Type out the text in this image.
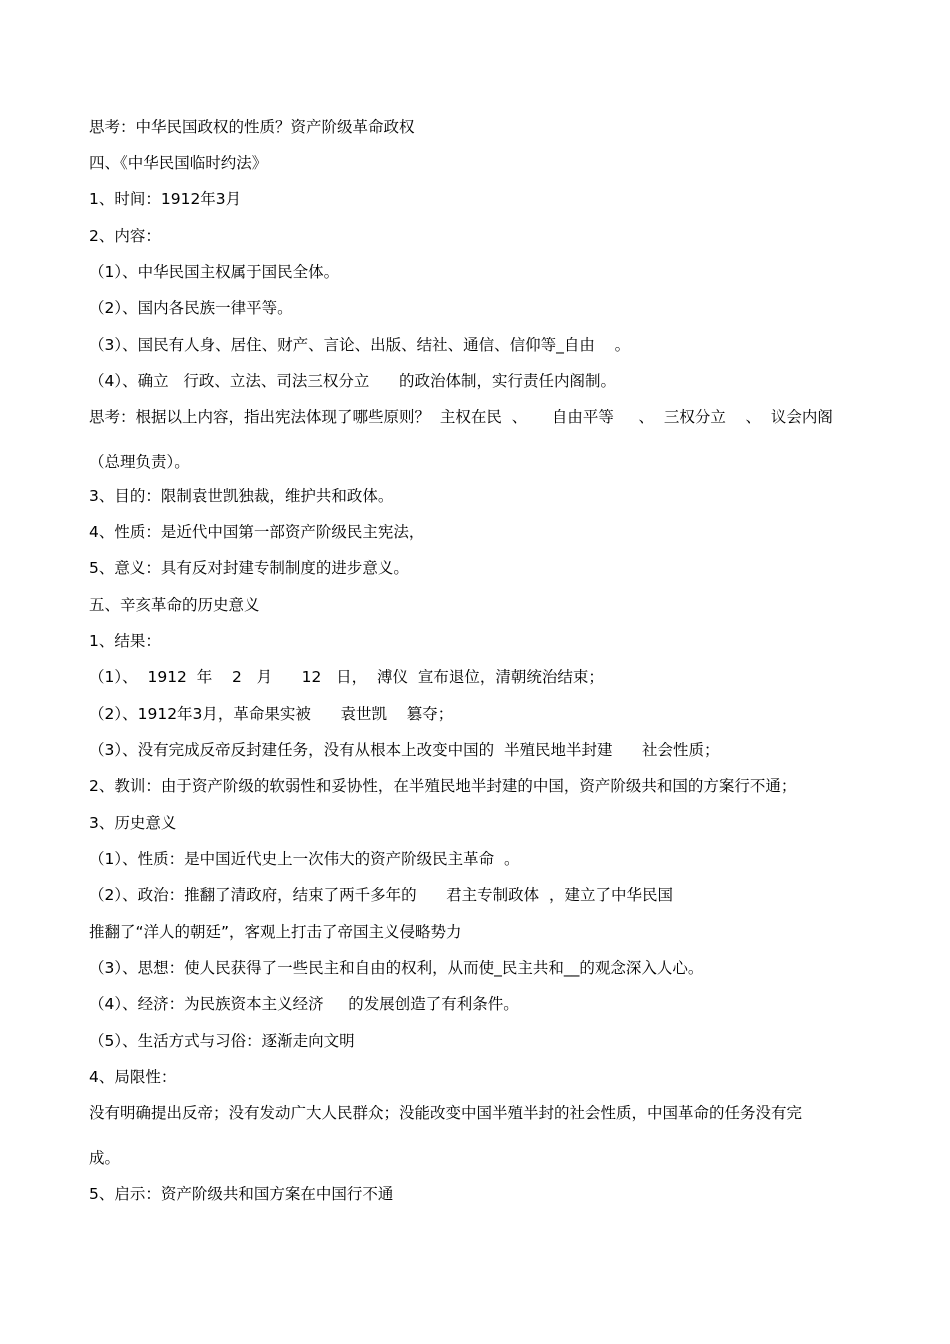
思考：中华民国政权的性质？资产阶级革命政权
四、《中华民国临时约法》
1、时间：1912年3月
2、内容：
（1）、中华民国主权属于国民全体。
（2）、国内各民族一律平等。
（3）、国民有人身、居住、财产、言论、出版、结社、通信、信仰等_自由    。
（4）、确立   行政、立法、司法三权分立      的政治体制，实行责任内阁制。
思考：根据以上内容，指出宪法体现了哪些原则？  主权在民  、     自由平等     、  三权分立    、  议会内阁
（总理负责）。
3、目的：限制袁世凯独裁，维护共和政体。
4、性质：是近代中国第一部资产阶级民主宪法，
5、意义：具有反对封建专制制度的进步意义。
五、辛亥革命的历史意义
1、结果：
（1）、  1912  年    2   月      12   日，  溥仪  宣布退位，清朝统治结束；
（2）、1912年3月，革命果实被      袁世凯    篡夺；
（3）、没有完成反帝反封建任务，没有从根本上改变中国的  半殖民地半封建      社会性质；
2、教训：由于资产阶级的软弱性和妥协性，在半殖民地半封建的中国，资产阶级共和国的方案行不通；
3、历史意义
（1）、性质：是中国近代史上一次伟大的资产阶级民主革命  。
（2）、政治：推翻了清政府，结束了两千多年的      君主专制政体  ，建立了中华民国
推翻了“洋人的朝廷”，客观上打击了帝国主义侵略势力
（3）、思想：使人民获得了一些民主和自由的权利，从而使_民主共和__的观念深入人心。
（4）、经济：为民族资本主义经济     的发展创造了有利条件。
（5）、生活方式与习俗：逐渐走向文明
4、局限性：
没有明确提出反帝；没有发动广大人民群众；没能改变中国半殖半封的社会性质，中国革命的任务没有完
成。
5、启示：资产阶级共和国方案在中国行不通
